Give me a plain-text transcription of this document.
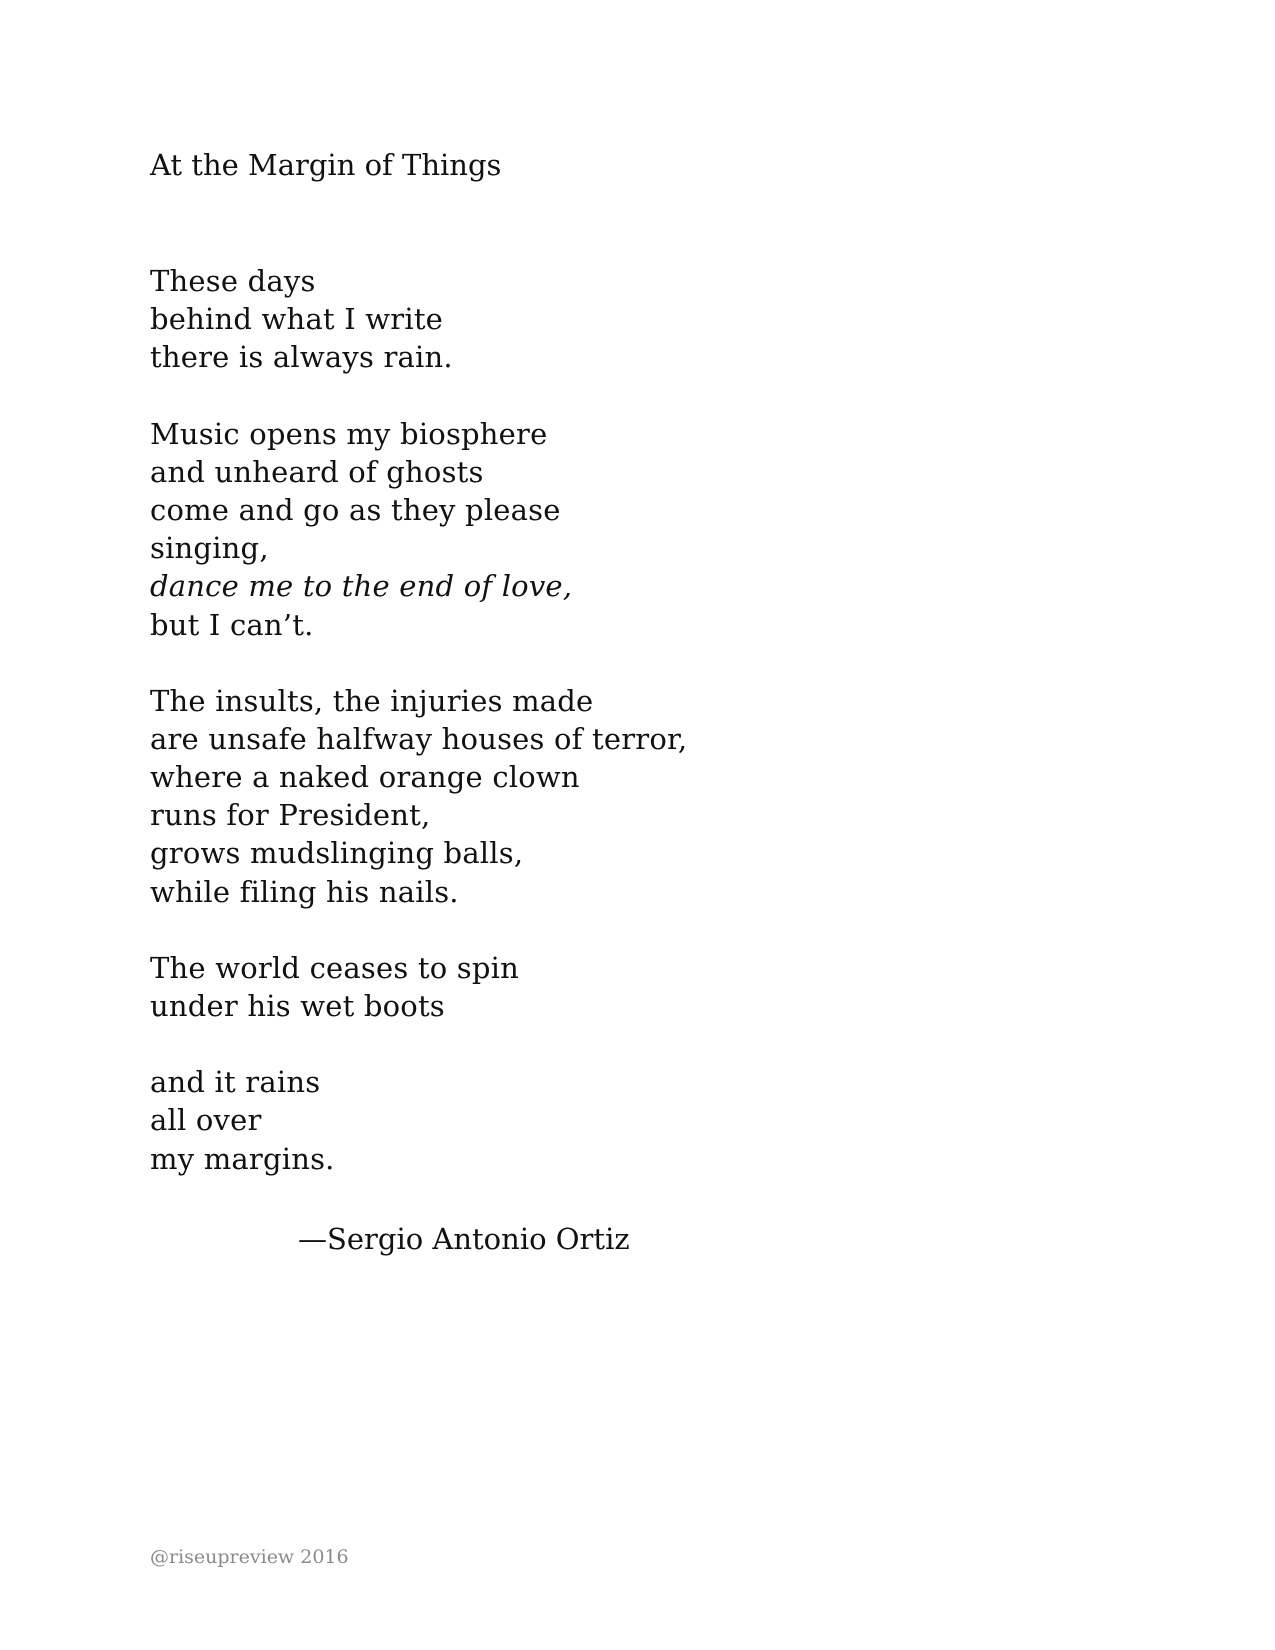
At the Margin of Things
These days
behind what I write
there is always rain.
Music opens my biosphere
and unheard of ghosts
come and go as they please
singing,
dance me to the end of love,
but I can’t.
The insults, the injuries made
are unsafe halfway houses of terror,
where a naked orange clown
runs for President,
grows mudslinging balls,
while filing his nails.
The world ceases to spin
under his wet boots
and it rains
all over
my margins.
—Sergio Antonio Ortiz
@riseupreview 2016
